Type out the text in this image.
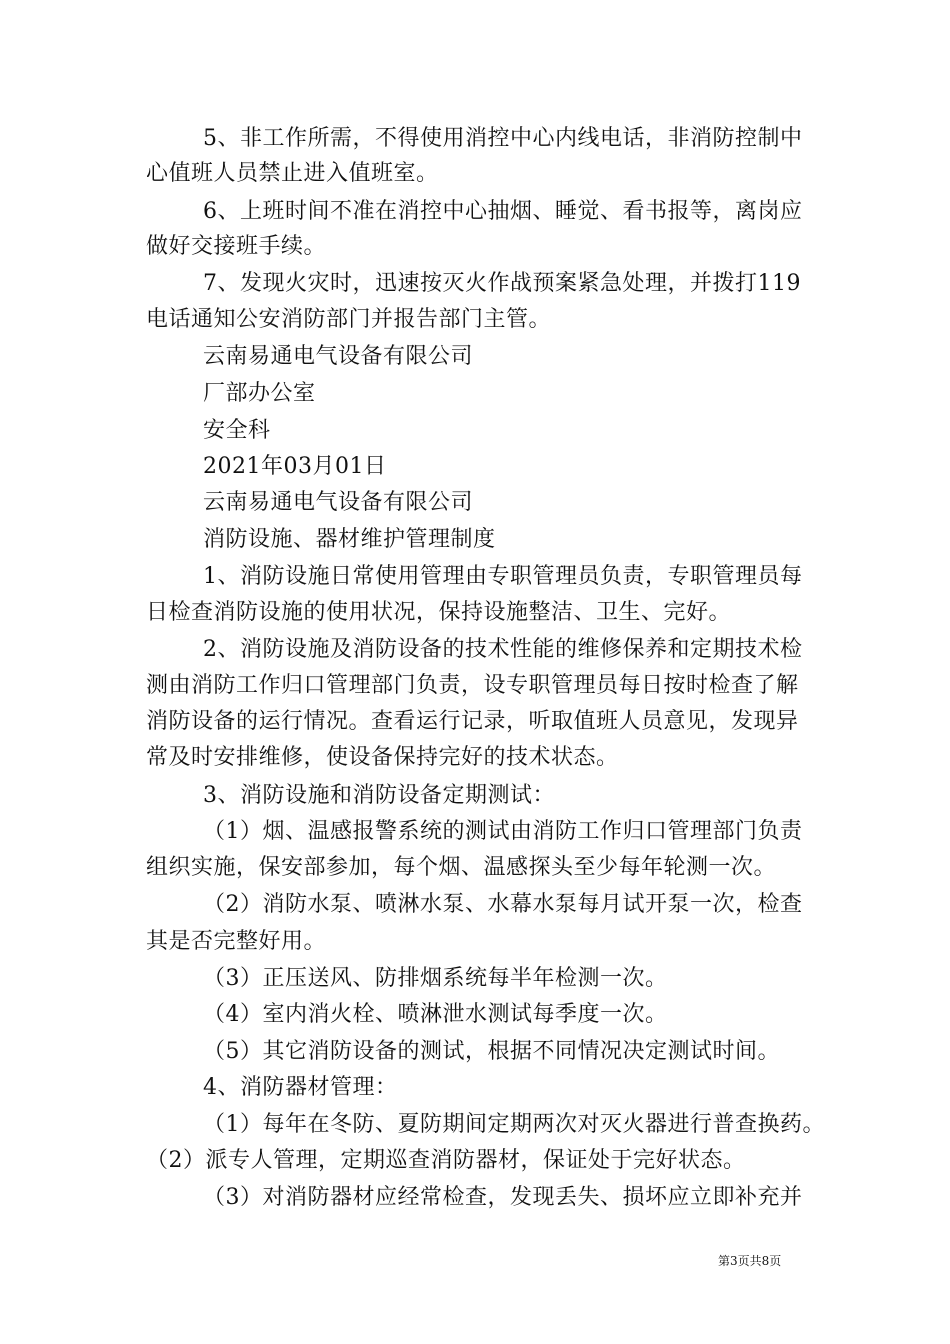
5、非工作所需，不得使用消控中心内线电话，非消防控制中
心值班人员禁止进入值班室。
6、上班时间不准在消控中心抽烟、睡觉、看书报等，离岗应
做好交接班手续。
7、发现火灾时，迅速按灭火作战预案紧急处理，并拨打119
电话通知公安消防部门并报告部门主管。
云南易通电气设备有限公司
厂部办公室
安全科
2021年03月01日
云南易通电气设备有限公司
消防设施、器材维护管理制度
1、消防设施日常使用管理由专职管理员负责，专职管理员每
日检查消防设施的使用状况，保持设施整洁、卫生、完好。
2、消防设施及消防设备的技术性能的维修保养和定期技术检
测由消防工作归口管理部门负责，设专职管理员每日按时检查了解
消防设备的运行情况。查看运行记录，听取值班人员意见，发现异
常及时安排维修，使设备保持完好的技术状态。
3、消防设施和消防设备定期测试：
（1）烟、温感报警系统的测试由消防工作归口管理部门负责
组织实施，保安部参加，每个烟、温感探头至少每年轮测一次。
（2）消防水泵、喷淋水泵、水幕水泵每月试开泵一次，检查
其是否完整好用。
（3）正压送风、防排烟系统每半年检测一次。
（4）室内消火栓、喷淋泄水测试每季度一次。
（5）其它消防设备的测试，根据不同情况决定测试时间。
4、消防器材管理：
（1）每年在冬防、夏防期间定期两次对灭火器进行普查换药。
（2）派专人管理，定期巡查消防器材，保证处于完好状态。
（3）对消防器材应经常检查，发现丢失、损坏应立即补充并
第3页共8页
